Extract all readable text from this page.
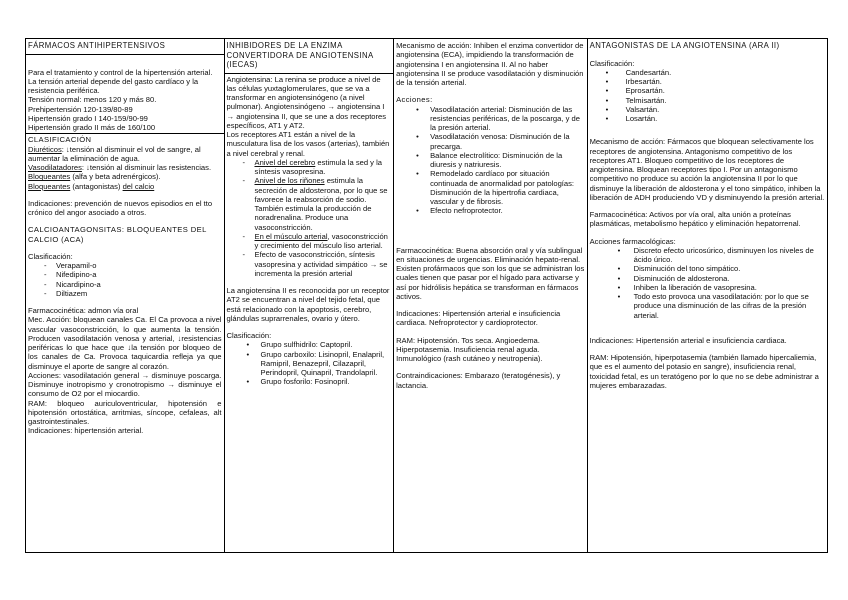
FÁRMACOS ANTIHIPERTENSIVOS

Para el tratamiento y control de la hipertensión arterial. La tensión arterial depende del gasto cardíaco y la resistencia periférica.

Tensión normal: menos 120 y más 80.

Prehipertensión 120-139/80-89

Hipertensión grado I 140-159/90-99

Hipertensión grado II más de 160/100

CLASIFICACIÓN

Diuréticos: ↓tensión al disminuir el vol de sangre, al aumentar la eliminación de agua.

Vasodilatadores: ↓tensión al disminuir las resistencias.

Bloqueantes (alfa y beta adrenérgicos).

Bloqueantes (antagonistas) del calcio

Indicaciones: prevención de nuevos episodios en el tto crónico del angor asociado a otros.

CALCIOANTAGONSITAS: BLOQUEANTES DEL CALCIO (ACA)

Clasificación:

- Verapamil-o
- Nifedipino-a
- Nicardipino-a
- Diltiazem

Farmacocinética: admon vía oral

Mec. Acción: bloquean canales Ca. El Ca provoca a nivel vascular vasoconstricción, lo que aumenta la tensión. Producen vasodilatación venosa y arterial, ↓resistencias periféricas lo que hace que ↓la tensión por bloqueo de los canales de Ca. Provoca taquicardia refleja ya que disminuye el aporte de sangre al corazón.

Acciones: vasodilatación general → disminuye poscarga. Disminuye inotropismo y cronotropismo → disminuye el consumo de O2 por el miocardio.

RAM: bloqueo auriculoventricular, hipotensión e hipotensión ortostática, arritmias, síncope, cefaleas, alt gastrointestinales.

Indicaciones: hipertensión arterial.

INHIBIDORES DE LA ENZIMA CONVERTIDORA DE ANGIOTENSINA (IECAS)

Angiotensina: La renina se produce a nivel de las células yuxtaglomerulares, que se va a transformar en angiotensinógeno (a nivel pulmonar). Angiotensinógeno → angiotensina I → angiotensina II, que se une a dos receptores específicos, AT1 y AT2.

Los receptores AT1 están a nivel de la musculatura lisa de los vasos (arterias), también a nivel cerebral y renal.

- Anivel del cerebro estimula la sed y la síntesis vasopresina.
- Anivel de los riñones estimula la secreción de aldosterona, por lo que se favorece la reabsorción de sodio. También estimula la producción de noradrenalina. Produce una vasoconstricción.
- En el músculo arterial, vasoconstricción y crecimiento del músculo liso arterial.
- Efecto de vasoconstricción, síntesis vasopresina y actividad simpático → se incrementa la presión arterial

La angiotensina II es reconocida por un receptor AT2 se encuentran a nivel del tejido fetal, que está relacionado con la apoptosis, cerebro, glándulas suprarrenales, ovario y útero.

Clasificación:

• Grupo sulfhidrilo: Captopril.
• Grupo carboxilo: Lisinopril, Enalapril, Ramipril, Benazepril, Cilazapril, Perindopril, Quinapril, Trandolapril.
• Grupo fosforilo: Fosinopril.

Mecanismo de acción: Inhiben el enzima convertidor de angiotensina (ECA), impidiendo la transformación de angiotensina I en angiotensina II. Al no haber angiotensina II se produce vasodilatación y disminución de la tensión arterial.

Acciones:

• Vasodilatación arterial: Disminución de las resistencias periféricas, de la poscarga, y de la presión arterial.
• Vasodilatación venosa: Disminución de la precarga.
• Balance electrolítico: Disminución de la diuresis y natriuresis.
• Remodelado cardíaco por situación continuada de anormalidad por patologías: Disminución de la hipertrofia cardiaca, vascular y de fibrosis.
• Efecto nefroprotector.

Farmacocinética: Buena absorción oral y vía sublingual en situaciones de urgencias. Eliminación hepato-renal. Existen profármacos que son los que se administran los cuales tienen que pasar por el hígado para activarse y así por hidrólisis hepática se transforman en fármacos activos.

Indicaciones: Hipertensión arterial e insuficiencia cardiaca. Nefroprotector y cardioprotector.

RAM: Hipotensión. Tos seca. Angioedema. Hiperpotasemia. Insuficiencia renal aguda. Inmunológico (rash cutáneo y neutropenia).

Contraindicaciones: Embarazo (teratogénesis), y lactancia.

ANTAGONISTAS DE LA ANGIOTENSINA (ARA II)

Clasificación:

• Candesartán.
• Irbesartán.
• Eprosartán.
• Telmisartán.
• Valsartán.
• Losartán.

Mecanismo de acción: Fármacos que bloquean selectivamente los receptores de angiotensina. Antagonismo competitivo de los receptores AT1. Bloqueo competitivo de los receptores de angiotensina. Bloquean receptores tipo I. Por un antagonismo competitivo no produce su acción la angiotensina II por lo que disminuye la liberación de aldosterona y el tono simpático, inhiben la liberación de ADH produciendo VD y disminuyendo la presión arterial.

Farmacocinética: Activos por vía oral, alta unión a proteínas plasmáticas, metabolismo hepático y eliminación hepatorrenal.

Acciones farmacológicas:

• Discreto efecto uricosúrico, disminuyen los niveles de ácido úrico.
• Disminución del tono simpático.
• Disminución de aldosterona.
• Inhiben la liberación de vasopresina.
• Todo esto provoca una vasodilatación: por lo que se produce una disminución de las cifras de la presión arterial.

Indicaciones: Hipertensión arterial e insuficiencia cardiaca.

RAM: Hipotensión, hiperpotasemia (también llamado hipercaliemia, que es el aumento del potasio en sangre), insuficiencia renal, toxicidad fetal, es un teratógeno por lo que no se debe administrar a mujeres embarazadas.
